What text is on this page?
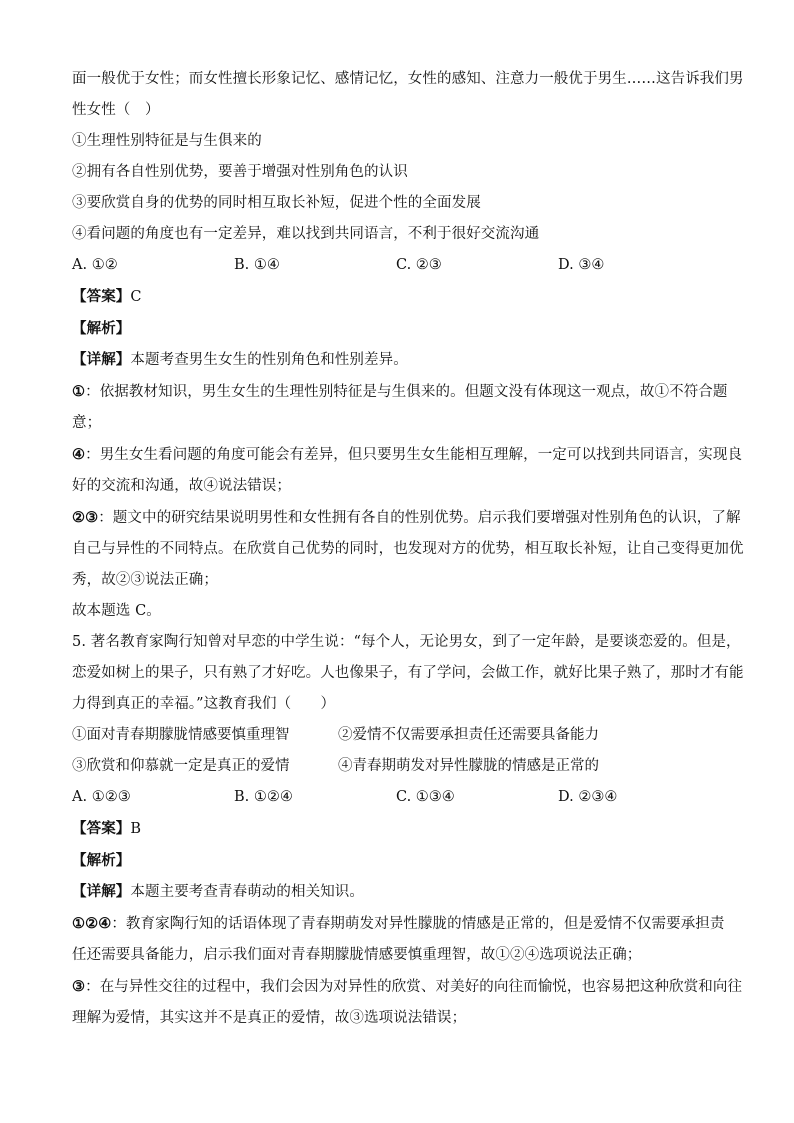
面一般优于女性；而女性擅长形象记忆、感情记忆，女性的感知、注意力一般优于男生……这告诉我们男
性女性（　）
①生理性别特征是与生俱来的
②拥有各自性别优势，要善于增强对性别角色的认识
③要欣赏自身的优势的同时相互取长补短，促进个性的全面发展
④看问题的角度也有一定差异，难以找到共同语言，不利于很好交流沟通
A. ①②	B. ①④	C. ②③	D. ③④
【答案】C
【解析】
【详解】本题考查男生女生的性别角色和性别差异。
①：依据教材知识，男生女生的生理性别特征是与生俱来的。但题文没有体现这一观点，故①不符合题
意；
④：男生女生看问题的角度可能会有差异，但只要男生女生能相互理解，一定可以找到共同语言，实现良
好的交流和沟通，故④说法错误；
②③：题文中的研究结果说明男性和女性拥有各自的性别优势。启示我们要增强对性别角色的认识，了解
自己与异性的不同特点。在欣赏自己优势的同时，也发现对方的优势，相互取长补短，让自己变得更加优
秀，故②③说法正确；
故本题选 C。
5. 著名教育家陶行知曾对早恋的中学生说：“每个人，无论男女，到了一定年龄，是要谈恋爱的。但是，
恋爱如树上的果子，只有熟了才好吃。人也像果子，有了学问，会做工作，就好比果子熟了，那时才有能
力得到真正的幸福。”这教育我们（　　）
①面对青春期朦胧情感要慎重理智	②爱情不仅需要承担责任还需要具备能力
③欣赏和仰慕就一定是真正的爱情	④青春期萌发对异性朦胧的情感是正常的
A. ①②③	B. ①②④	C. ①③④	D. ②③④
【答案】B
【解析】
【详解】本题主要考查青春萌动的相关知识。
①②④：教育家陶行知的话语体现了青春期萌发对异性朦胧的情感是正常的，但是爱情不仅需要承担责
任还需要具备能力，启示我们面对青春期朦胧情感要慎重理智，故①②④选项说法正确；
③：在与异性交往的过程中，我们会因为对异性的欣赏、对美好的向往而愉悦，也容易把这种欣赏和向往
理解为爱情，其实这并不是真正的爱情，故③选项说法错误；
